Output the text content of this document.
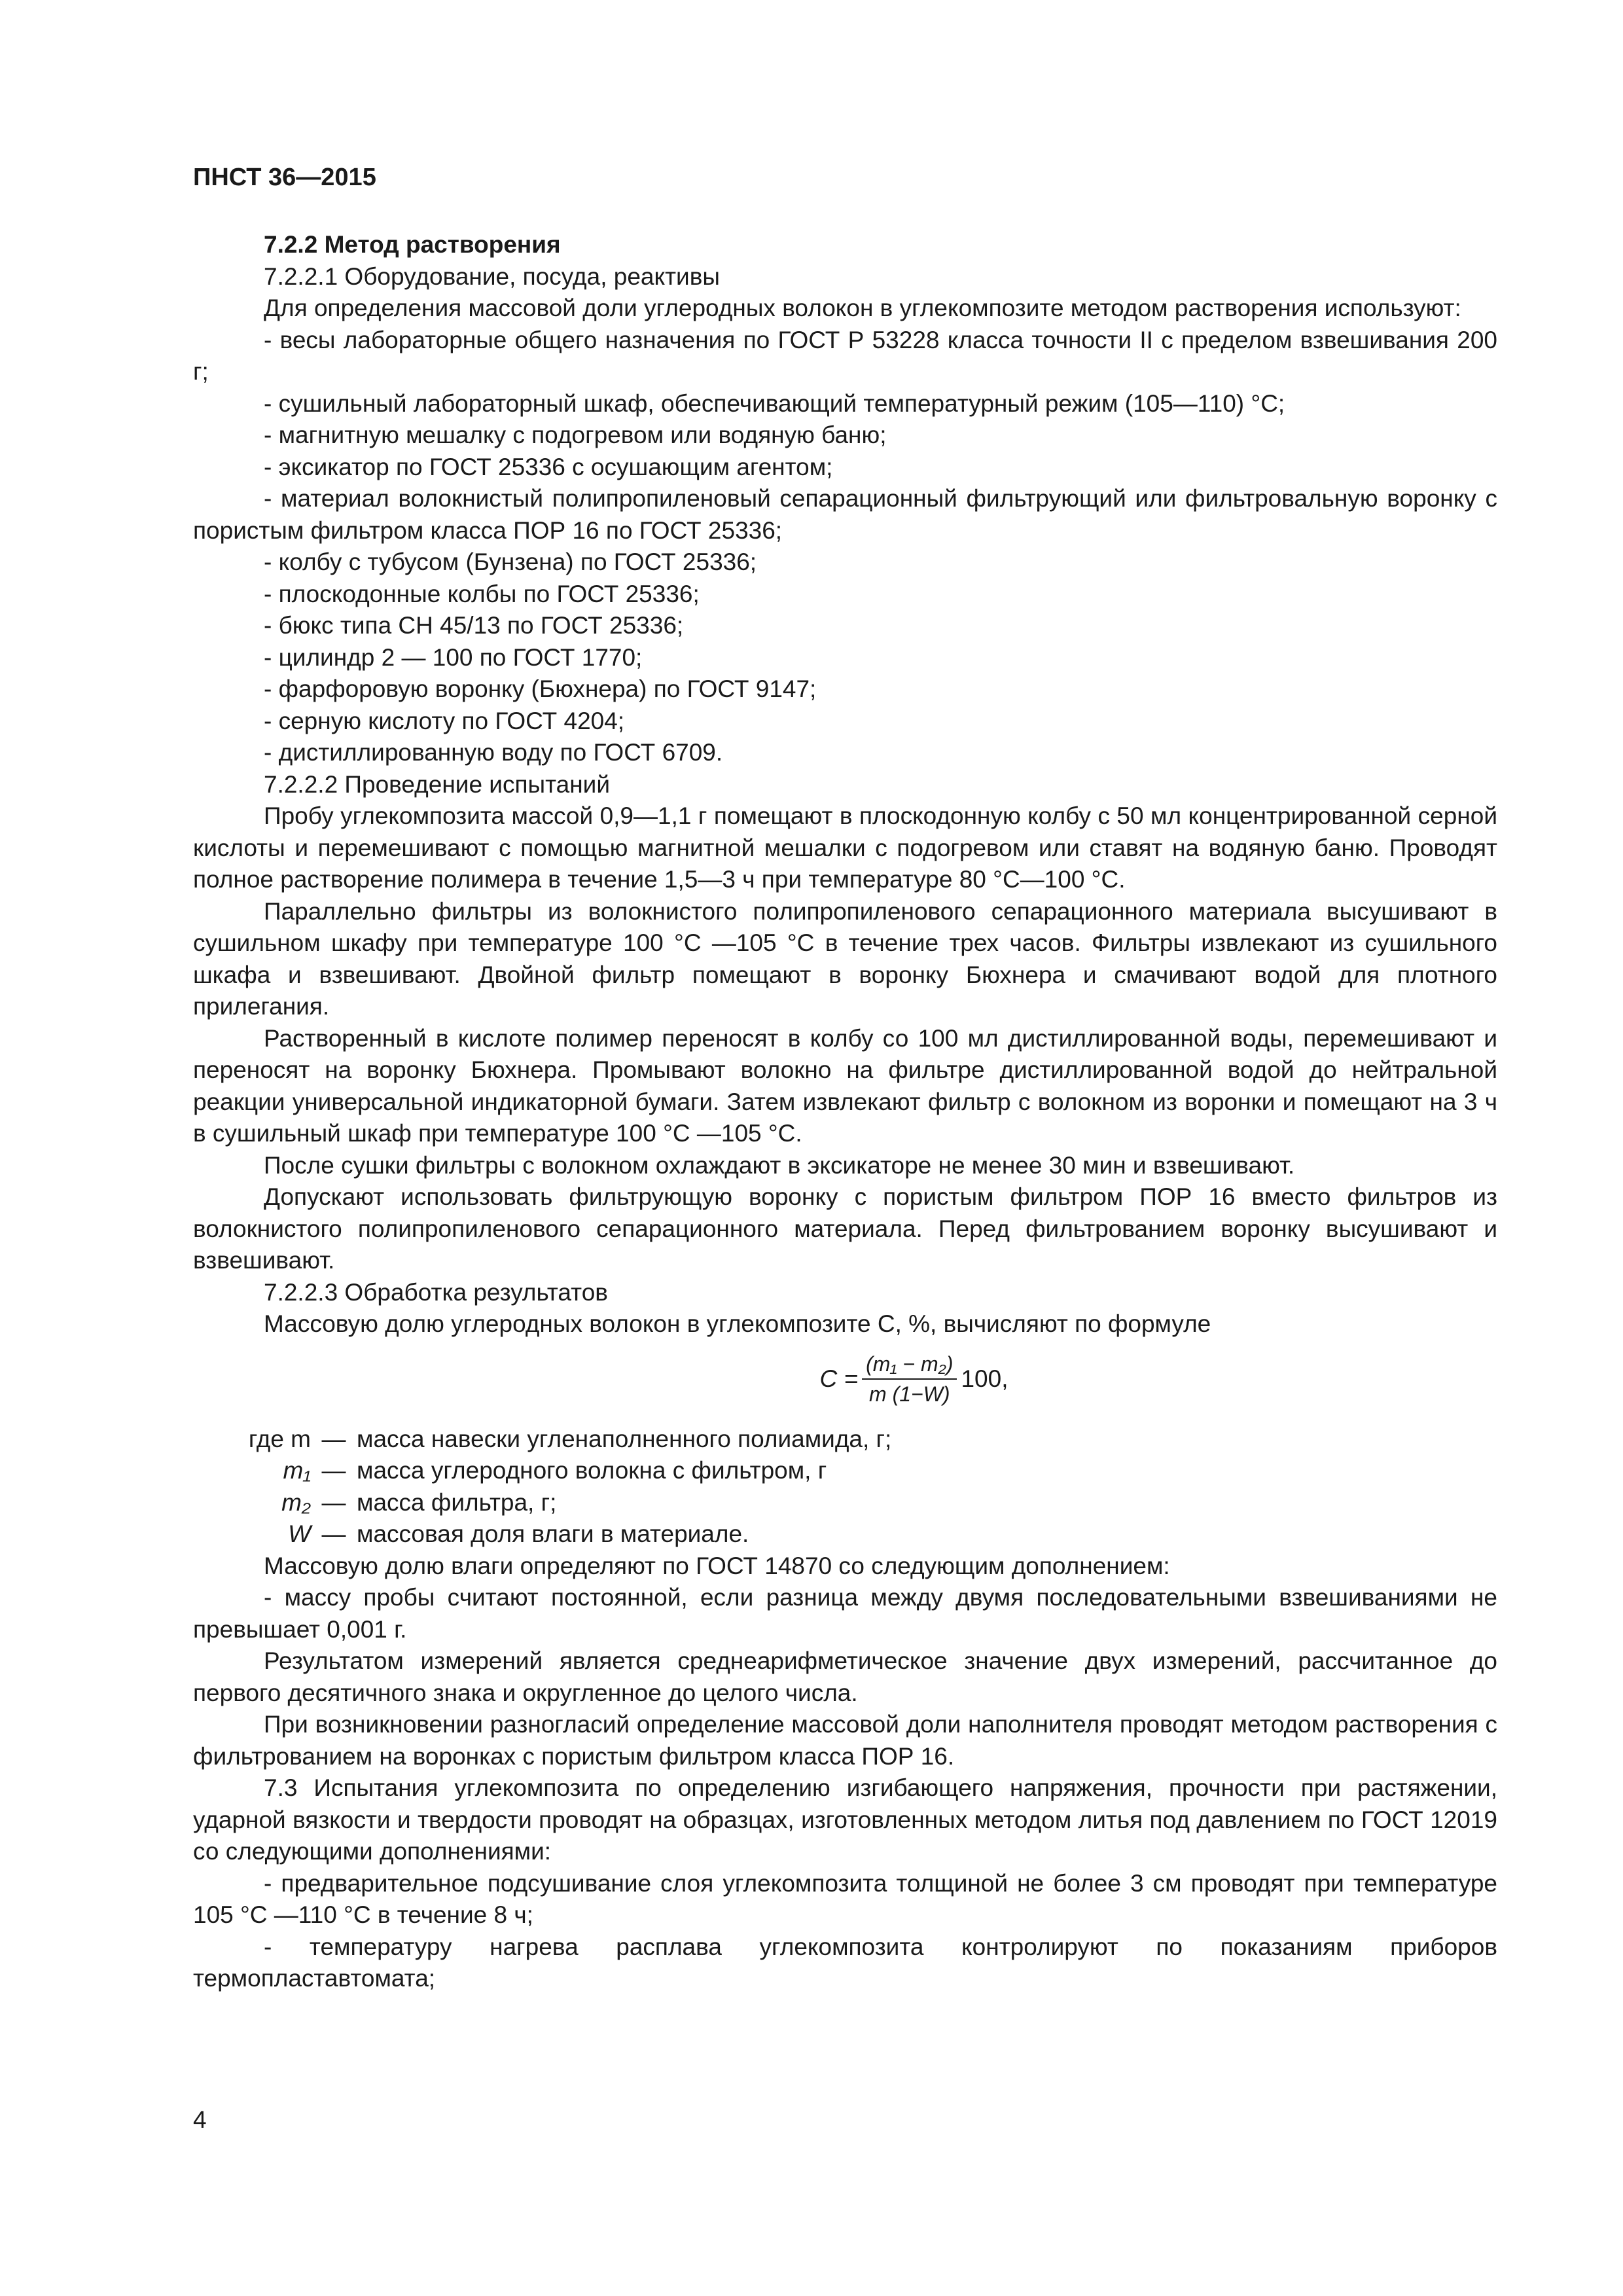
ПНСТ 36—2015

7.2.2 Метод растворения

7.2.2.1 Оборудование, посуда, реактивы

Для определения массовой доли углеродных волокон в углекомпозите методом растворения используют:

- весы лабораторные общего назначения по ГОСТ Р 53228 класса точности II с пределом взвешивания 200 г;

- сушильный лабораторный шкаф, обеспечивающий температурный режим (105—110) °С;

- магнитную мешалку с подогревом или водяную баню;

- эксикатор по ГОСТ 25336 с осушающим агентом;

- материал волокнистый полипропиленовый сепарационный фильтрующий или фильтровальную воронку с пористым фильтром класса ПОР 16 по ГОСТ 25336;

- колбу с тубусом (Бунзена) по ГОСТ 25336;

- плоскодонные колбы по ГОСТ 25336;

- бюкс типа СН 45/13 по ГОСТ 25336;

- цилиндр 2 — 100 по ГОСТ 1770;

- фарфоровую воронку (Бюхнера) по ГОСТ 9147;

- серную кислоту по ГОСТ 4204;

- дистиллированную воду по ГОСТ 6709.

7.2.2.2 Проведение испытаний

Пробу углекомпозита массой 0,9—1,1 г помещают в плоскодонную колбу с 50 мл концентрированной серной кислоты и перемешивают с помощью магнитной мешалки с подогревом или ставят на водяную баню. Проводят полное растворение полимера в течение 1,5—3 ч при температуре 80 °С—100 °С.

Параллельно фильтры из волокнистого полипропиленового сепарационного материала высушивают в сушильном шкафу при температуре 100 °С —105 °С в течение трех часов. Фильтры извлекают из сушильного шкафа и взвешивают. Двойной фильтр помещают в воронку Бюхнера и смачивают водой для плотного прилегания.

Растворенный в кислоте полимер переносят в колбу со 100 мл дистиллированной воды, перемешивают и переносят на воронку Бюхнера. Промывают волокно на фильтре дистиллированной водой до нейтральной реакции универсальной индикаторной бумаги. Затем извлекают фильтр с волокном из воронки и помещают на 3 ч в сушильный шкаф при температуре 100 °С —105 °С.

После сушки фильтры с волокном охлаждают в эксикаторе не менее 30 мин и взвешивают.

Допускают использовать фильтрующую воронку с пористым фильтром ПОР 16 вместо фильтров из волокнистого полипропиленового сепарационного материала. Перед фильтрованием воронку высушивают и взвешивают.

7.2.2.3 Обработка результатов

Массовую долю углеродных волокон в углекомпозите С, %, вычисляют по формуле

$С = \frac{\text{(m₁ − m₂)}}{m (1-W)} 100$,
где m — масса навески угленаполненного полиамида, г;
m₁ — масса углеродного волокна с фильтром, г
m₂ — масса фильтра, г;
W — массовая доля влаги в материале.

Массовую долю влаги определяют по ГОСТ 14870 со следующим дополнением:

- массу пробы считают постоянной, если разница между двумя последовательными взвешиваниями не превышает 0,001 г.

Результатом измерений является среднеарифметическое значение двух измерений, рассчитанное до первого десятичного знака и округленное до целого числа.

При возникновении разногласий определение массовой доли наполнителя проводят методом растворения с фильтрованием на воронках с пористым фильтром класса ПОР 16.

7.3 Испытания углекомпозита по определению изгибающего напряжения, прочности при растяжении, ударной вязкости и твердости проводят на образцах, изготовленных методом литья под давлением по ГОСТ 12019 со следующими дополнениями:

- предварительное подсушивание слоя углекомпозита толщиной не более 3 см проводят при температуре 105 °С —110 °С в течение 8 ч;

- температуру нагрева расплава углекомпозита контролируют по показаниям приборов термопластавтомата;

4
